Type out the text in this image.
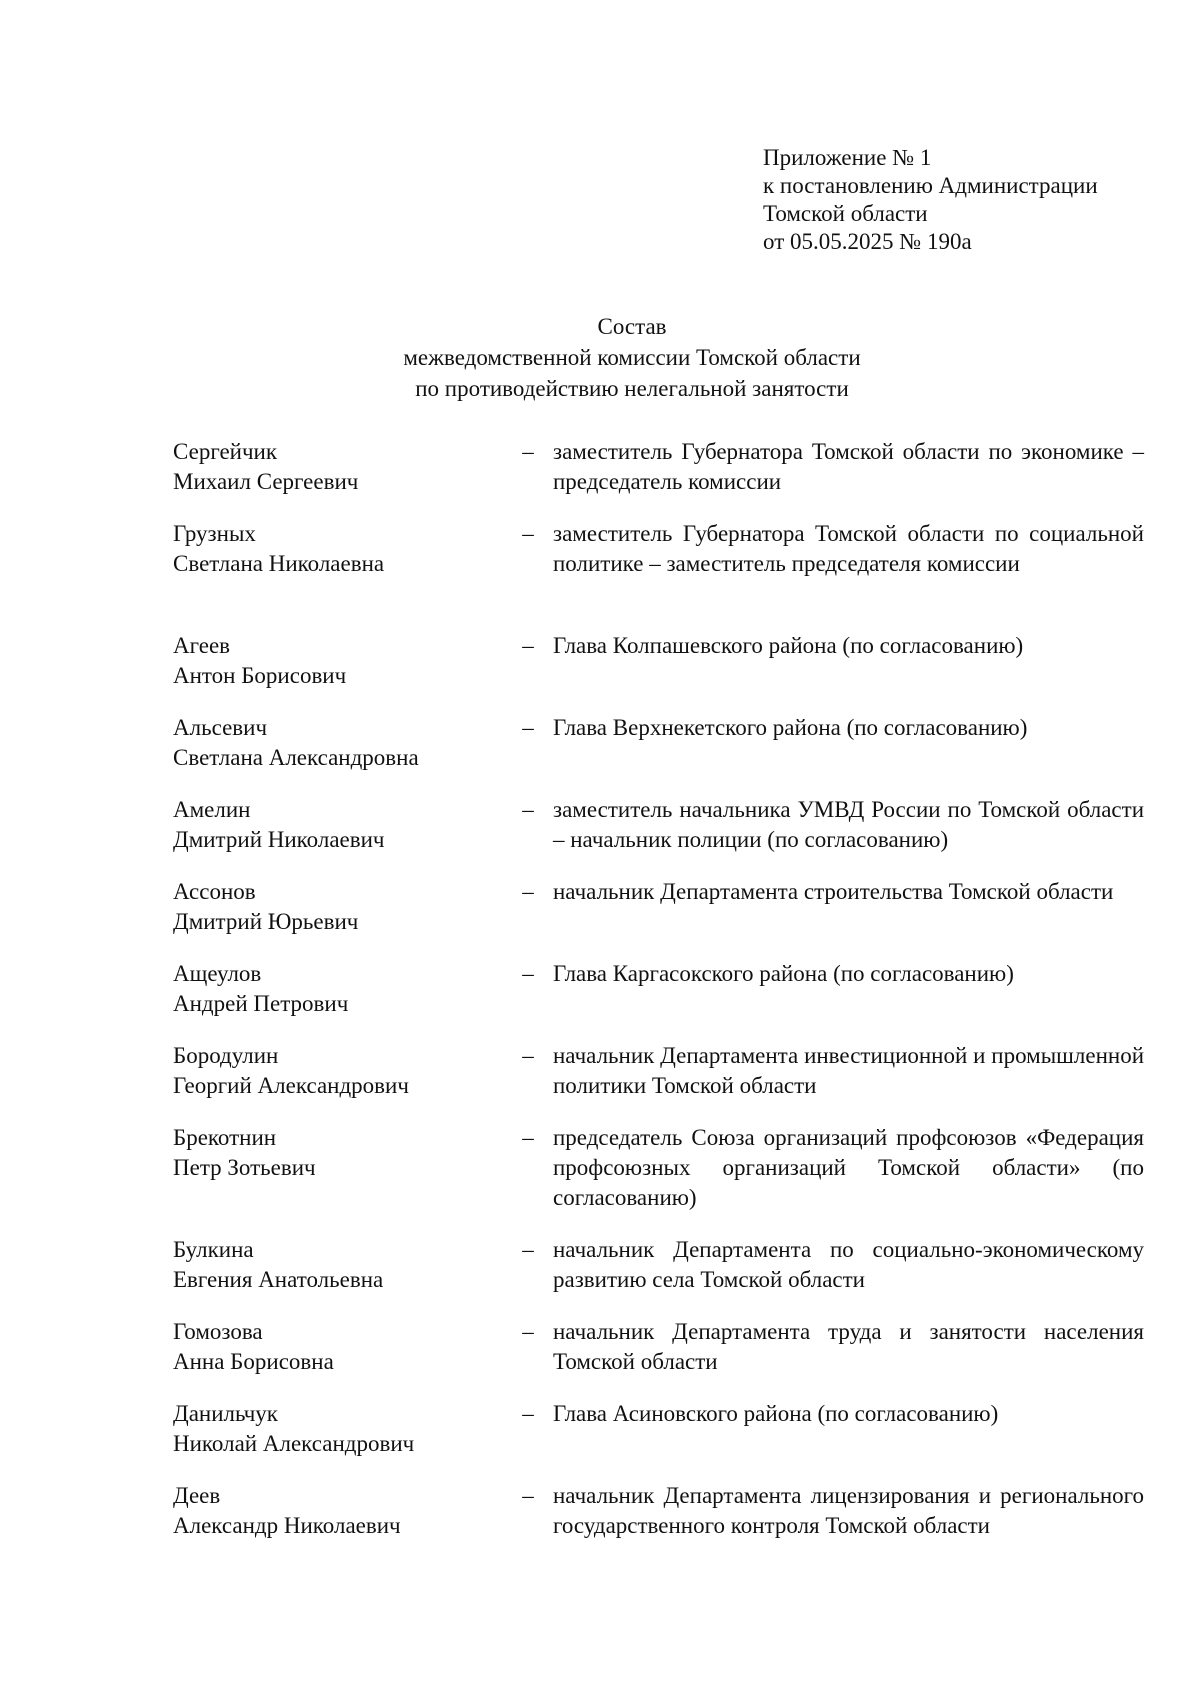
Приложение № 1
к постановлению Администрации
Томской области
от 05.05.2025 № 190а
Состав
межведомственной комиссии Томской области
по противодействию нелегальной занятости
Сергейчик
Михаил Сергеевич
– заместитель Губернатора Томской области по экономике – председатель комиссии
Грузных
Светлана Николаевна
– заместитель Губернатора Томской области по социальной политике – заместитель председателя комиссии
Агеев
Антон Борисович
– Глава Колпашевского района (по согласованию)
Альсевич
Светлана Александровна
– Глава Верхнекетского района (по согласованию)
Амелин
Дмитрий Николаевич
– заместитель начальника УМВД России по Томской области – начальник полиции (по согласованию)
Ассонов
Дмитрий Юрьевич
– начальник Департамента строительства Томской области
Ащеулов
Андрей Петрович
– Глава Каргасокского района (по согласованию)
Бородулин
Георгий Александрович
– начальник Департамента инвестиционной и промышленной политики Томской области
Брекотнин
Петр Зотьевич
– председатель Союза организаций профсоюзов «Федерация профсоюзных организаций Томской области» (по согласованию)
Булкина
Евгения Анатольевна
– начальник Департамента по социально-экономическому развитию села Томской области
Гомозова
Анна Борисовна
– начальник Департамента труда и занятости населения Томской области
Данильчук
Николай Александрович
– Глава Асиновского района (по согласованию)
Деев
Александр Николаевич
– начальник Департамента лицензирования и регионального государственного контроля Томской области
